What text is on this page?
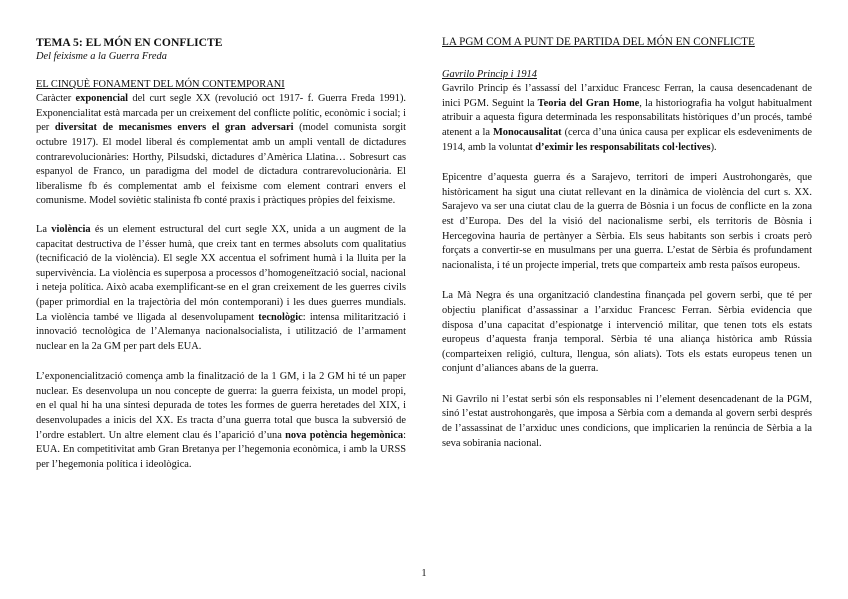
TEMA 5: EL MÓN EN CONFLICTE
Del feixisme a la Guerra Freda
EL CINQUÈ FONAMENT DEL MÓN CONTEMPORANI

Caràcter exponencial del curt segle XX (revolució oct 1917- f. Guerra Freda 1991). Exponencialitat està marcada per un creixement del conflicte polític, econòmic i social; i per diversitat de mecanismes envers el gran adversari (model comunista sorgit octubre 1917). El model liberal és complementat amb un ampli ventall de dictadures contrarevolucionàries: Horthy, Pilsudski, dictadures d’Amèrica Llatina… Sobresurt cas espanyol de Franco, un paradigma del model de dictadura contrarevolucionària. El liberalisme fb és complementat amb el feixisme com element contrari envers el comunisme. Model soviètic stalinista fb conté praxis i pràctiques pròpies del feixisme.

La violència és un element estructural del curt segle XX, unida a un augment de la capacitat destructiva de l’ésser humà, que creix tant en termes absoluts com qualitatius (tecnificació de la violència). El segle XX accentua el sofriment humà i la lluita per la supervivència. La violència es superposa a processos d’homogeneïtzació social, nacional i neteja política. Això acaba exemplificant-se en el gran creixement de les guerres civils (paper primordial en la trajectòria del món contemporani) i les dues guerres mundials. La violència també ve lligada al desenvolupament tecnològic: intensa militarització i innovació tecnològica de l’Alemanya nacionalsocialista, i utilització de l’armament nuclear en la 2a GM per part dels EUA.

L’exponencialització comença amb la finalització de la 1 GM, i la 2 GM hi té un paper nuclear. Es desenvolupa un nou concepte de guerra: la guerra feixista, un model propi, en el qual hi ha una síntesi depurada de totes les formes de guerra heretades del XIX, i desenvolupades a inicis del XX. Es tracta d’una guerra total que busca la subversió de l’ordre establert. Un altre element clau és l’aparició d’una nova potència hegemònica: EUA. En competitivitat amb Gran Bretanya per l’hegemonia econòmica, i amb la URSS per l’hegemonia política i ideològica.

LA PGM COM A PUNT DE PARTIDA DEL MÓN EN CONFLICTE
Gavrilo Princip i 1914

Gavrilo Princip és l’assassí del l’arxiduc Francesc Ferran, la causa desencadenant de inici PGM. Seguint la Teoria del Gran Home, la historiografia ha volgut habitualment atribuir a aquesta figura determinada les responsabilitats històriques d’un procés, també atenent a la Monocausalitat (cerca d’una única causa per explicar els esdeveniments de 1914, amb la voluntat d’eximir les responsabilitats col·lectives).

Epicentre d’aquesta guerra és a Sarajevo, territori de imperi Austrohongarès, que històricament ha sigut una ciutat rellevant en la dinàmica de violència del curt s. XX. Sarajevo va ser una ciutat clau de la guerra de Bòsnia i un focus de conflicte en la zona est d’Europa. Des del la visió del nacionalisme serbi, els territoris de Bòsnia i Hercegovina hauria de pertànyer a Sèrbia. Els seus habitants son serbis i croats però forçats a convertir-se en musulmans per una guerra. L’estat de Sèrbia és profundament nacionalista, i té un projecte imperial, trets que comparteix amb resta països europeus.

La Mà Negra és una organització clandestina finançada pel govern serbi, que té per objectiu planificat d’assassinar a l’arxiduc Francesc Ferran. Sèrbia evidencia que disposa d’una capacitat d’espionatge i intervenció militar, que tenen tots els estats europeus d’aquesta franja temporal. Sèrbia té una aliança històrica amb Rússia (comparteixen religió, cultura, llengua, són aliats). Tots els estats europeus tenen un conjunt d’aliances abans de la guerra.

Ni Gavrilo ni l’estat serbi són els responsables ni l’element desencadenant de la PGM, sinó l’estat austrohongarès, que imposa a Sèrbia com a demanda al govern serbi després de l’assassinat de l’arxiduc unes condicions, que implicarien la renúncia de Sèrbia a la seva sobirania nacional.

1
